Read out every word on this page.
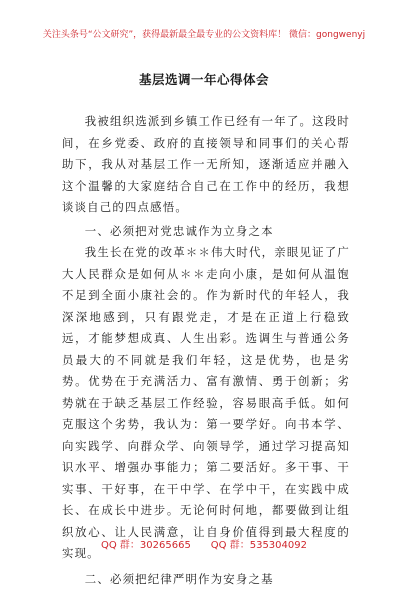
关注头条号“公文研究”，获得最新最全最专业的公文资料库！ 微信：gongwenyj
基层选调一年心得体会

我被组织选派到乡镇工作已经有一年了。这段时间，在乡党委、政府的直接领导和同事们的关心帮助下，我从对基层工作一无所知，逐渐适应并融入这个温馨的大家庭结合自己在工作中的经历，我想谈谈自己的四点感悟。

一、必须把对党忠诚作为立身之本

我生长在党的改革＊＊伟大时代，亲眼见证了广大人民群众是如何从＊＊走向小康，是如何从温饱不足到全面小康社会的。作为新时代的年轻人，我深深地感到，只有跟党走，才是在正道上行稳致远，才能梦想成真、人生出彩。选调生与普通公务员最大的不同就是我们年轻，这是优势，也是劣势。优势在于充满活力、富有激情、勇于创新；劣势就在于缺乏基层工作经验，容易眼高手低。如何克服这个劣势，我认为：第一要学好。向书本学、向实践学、向群众学、向领导学，通过学习提高知识水平、增强办事能力；第二要活好。多干事、干实事、干好事，在干中学、在学中干，在实践中成长、在成长中进步。无论何时何地，都要做到让组织放心、让人民满意，让自身价值得到最大程度的实现。

二、必须把纪律严明作为安身之基

QQ 群：30265665　　QQ 群：535304092
